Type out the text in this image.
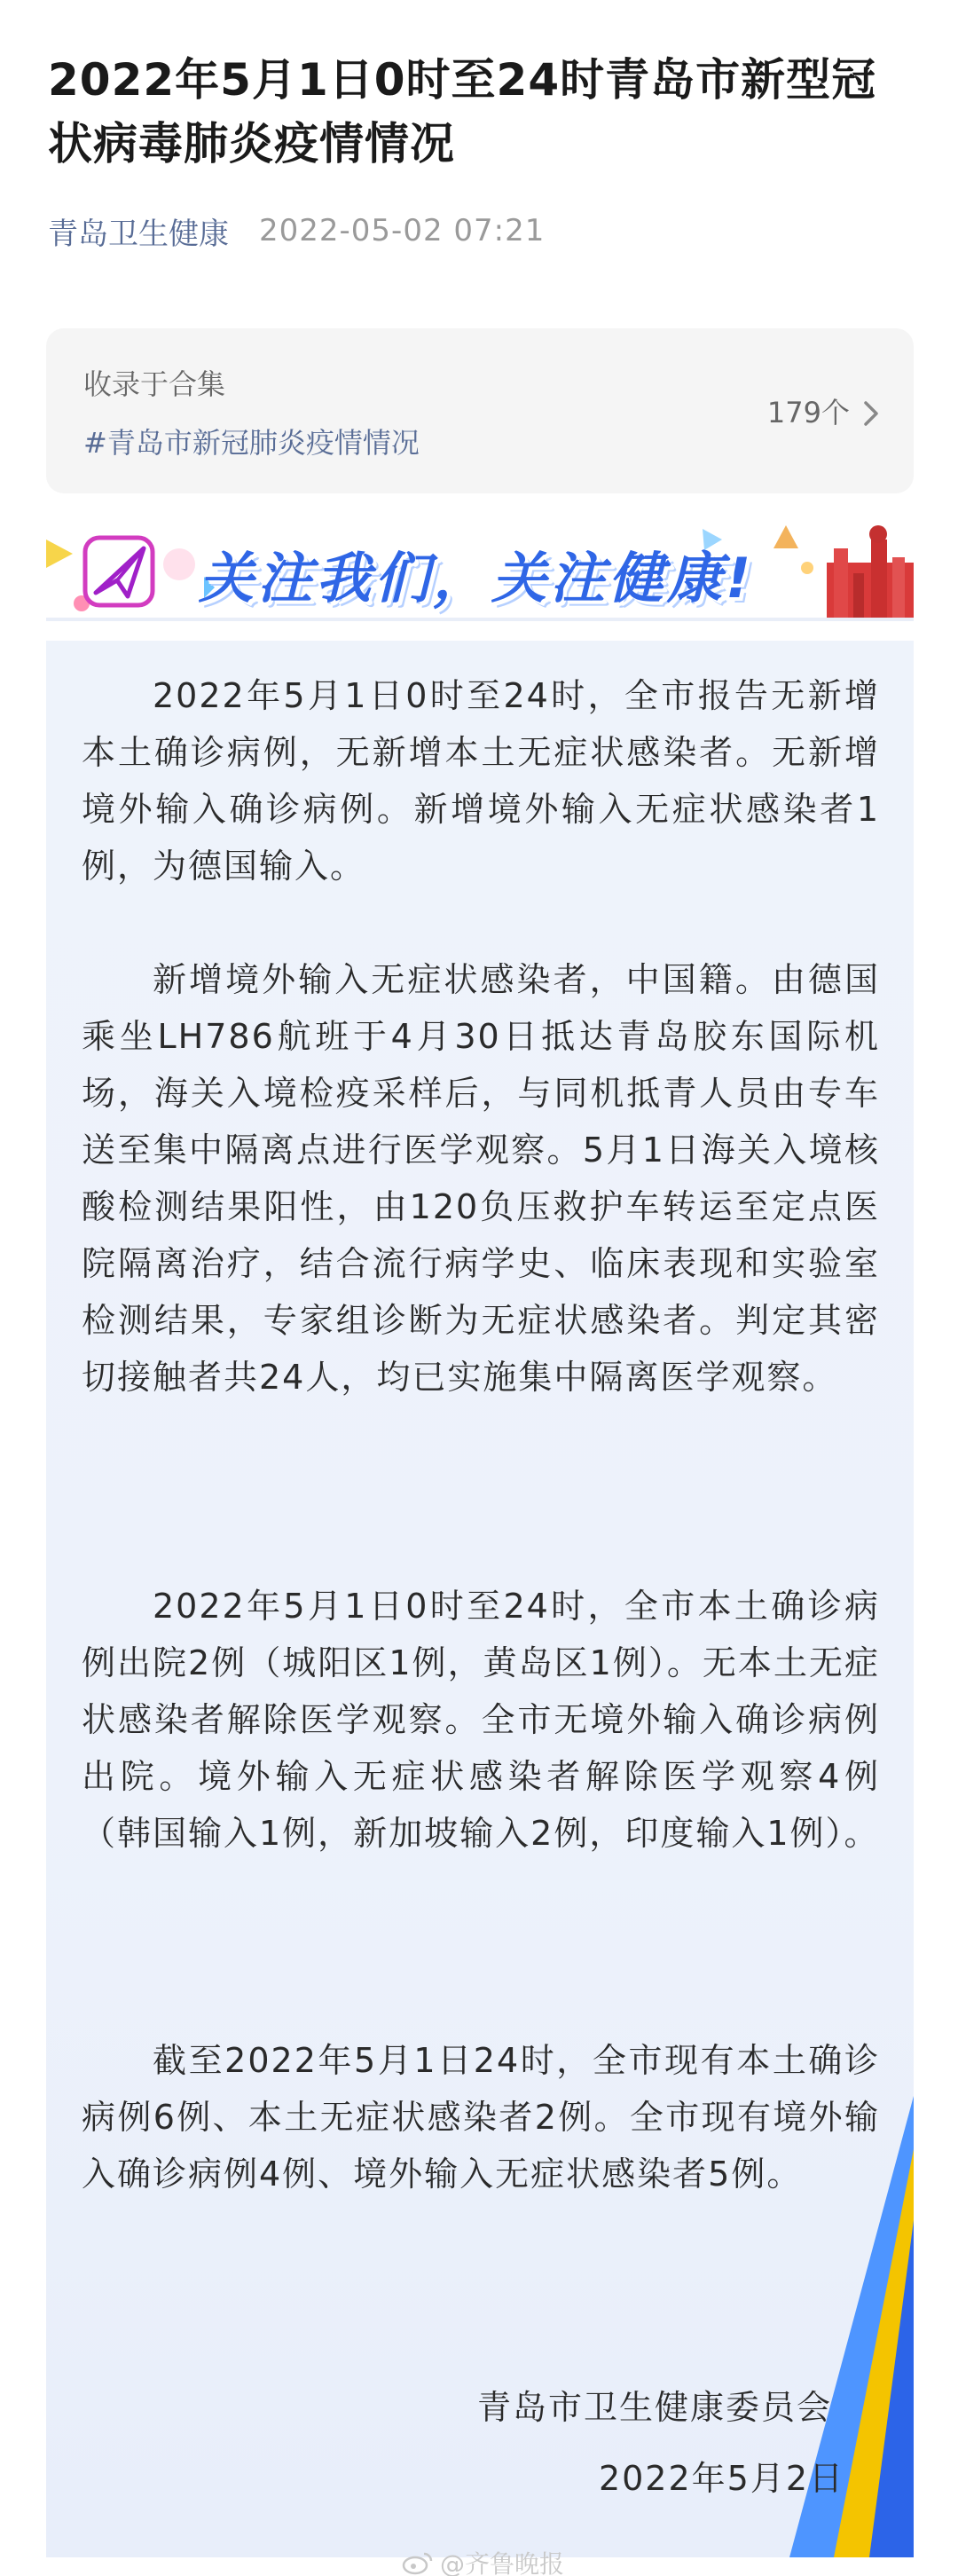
2022年5月1日0时至24时青岛市新型冠状病毒肺炎疫情情况
青岛卫生健康 2022-05-02 07:21
收录于合集
#青岛市新冠肺炎疫情情况
179个
关注我们，关注健康!

2022年5月1日0时至24时，全市报告无新增本土确诊病例，无新增本土无症状感染者。无新增境外输入确诊病例。新增境外输入无症状感染者1例，为德国输入。

新增境外输入无症状感染者，中国籍。由德国乘坐LH786航班于4月30日抵达青岛胶东国际机场，海关入境检疫采样后，与同机抵青人员由专车送至集中隔离点进行医学观察。5月1日海关入境核酸检测结果阳性，由120负压救护车转运至定点医院隔离治疗，结合流行病学史、临床表现和实验室检测结果，专家组诊断为无症状感染者。判定其密切接触者共24人，均已实施集中隔离医学观察。

2022年5月1日0时至24时，全市本土确诊病例出院2例（城阳区1例，黄岛区1例）。无本土无症状感染者解除医学观察。全市无境外输入确诊病例出院。境外输入无症状感染者解除医学观察4例（韩国输入1例，新加坡输入2例，印度输入1例）。

截至2022年5月1日24时，全市现有本土确诊病例6例、本土无症状感染者2例。全市现有境外输入确诊病例4例、境外输入无症状感染者5例。

青岛市卫生健康委员会
2022年5月2日
@齐鲁晚报
